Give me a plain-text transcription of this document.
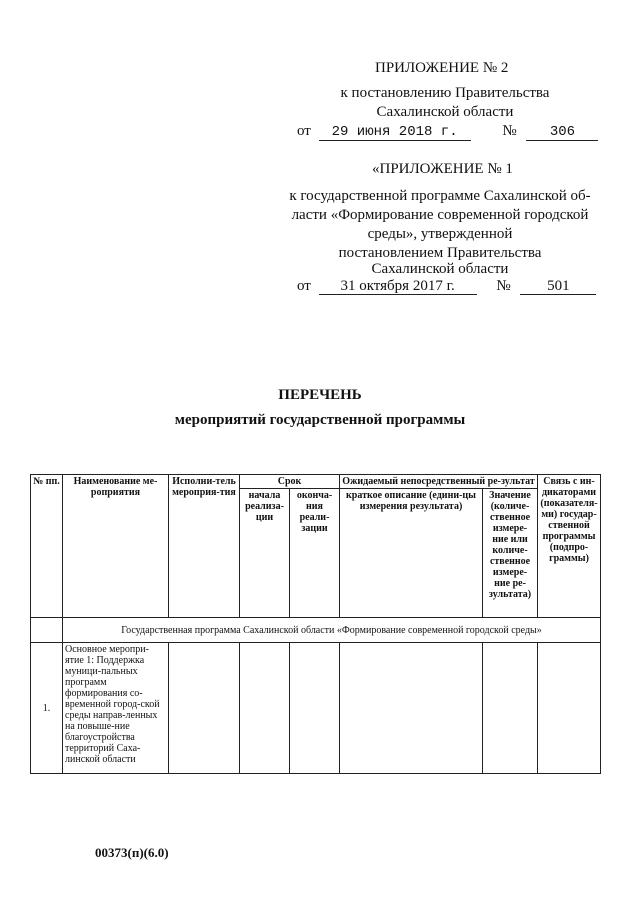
ПРИЛОЖЕНИЕ № 2
к постановлению Правительства
Сахалинской области
от 29 июня 2018 г.	№ 306
«ПРИЛОЖЕНИЕ № 1
к государственной программе Сахалинской об-
ласти «Формирование современной городской
среды», утвержденной
постановлением Правительства
Сахалинской области
от 31 октября 2017 г.	№ 501
ПЕРЕЧЕНЬ
мероприятий государственной программы
№ пп.	Наименование ме-роприятия	Исполни-тель мероприя-тия	Срок		Ожидаемый непосредственный ре-зультат		Связь с ин-дикаторами (показателя-ми) государ-ственной программы (подпро-граммы)
			начала реализа-ции	оконча-ния реали-зации	краткое описание (едини-цы измерения результата)	Значение (количе-ственное измере-ние или количе-ственное измере-ние ре-зультата)	
	Государственная программа Сахалинской области «Формирование современной городской среды»						
1.	Основное меропри-ятие 1: Поддержка муници-пальных программ формирования со-временной город-ской среды направ-ленных на повыше-ние благоустройства территорий Саха-линской области						
00373(п)(6.0)
